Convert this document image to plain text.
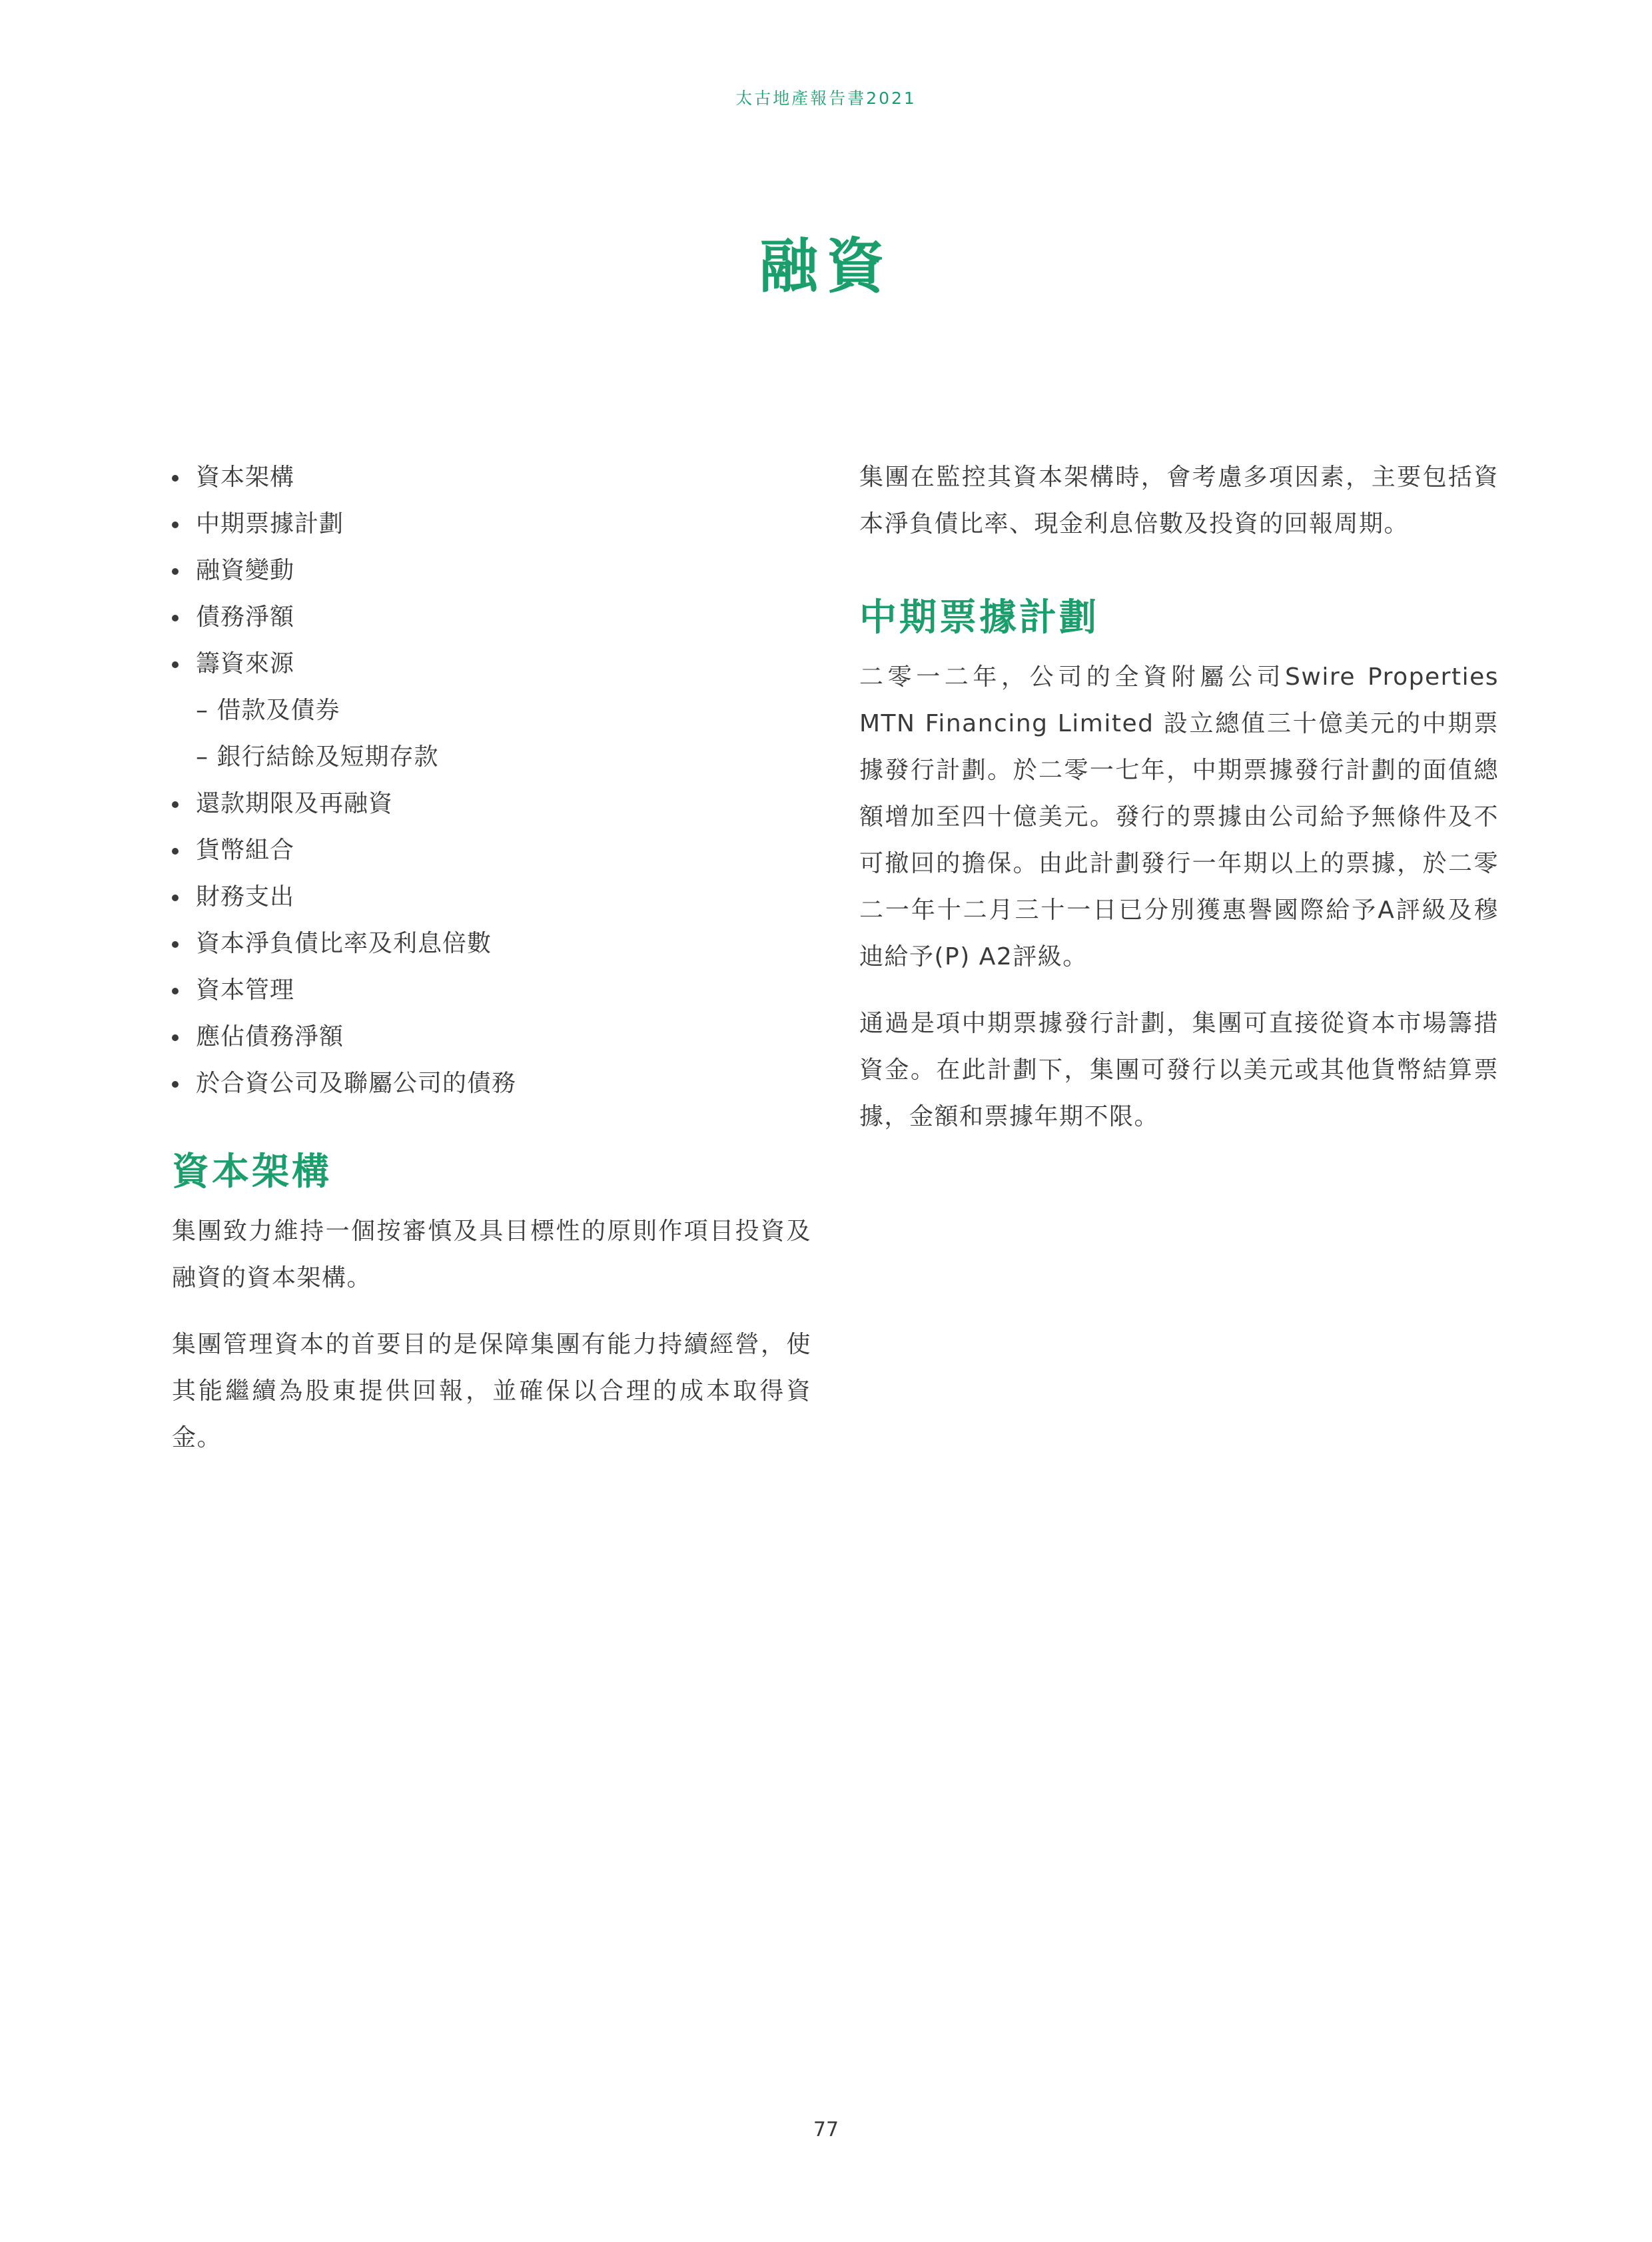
太古地產報告書2021
融資
資本架構
中期票據計劃
融資變動
債務淨額
籌資來源
– 借款及債券
– 銀行結餘及短期存款
還款期限及再融資
貨幣組合
財務支出
資本淨負債比率及利息倍數
資本管理
應佔債務淨額
於合資公司及聯屬公司的債務
資本架構

集團致力維持一個按審慎及具目標性的原則作項目投資及融資的資本架構。

集團管理資本的首要目的是保障集團有能力持續經營，使其能繼續為股東提供回報，並確保以合理的成本取得資金。

集團在監控其資本架構時，會考慮多項因素，主要包括資本淨負債比率、現金利息倍數及投資的回報周期。

中期票據計劃

二零一二年，公司的全資附屬公司Swire Properties MTN Financing Limited 設立總值三十億美元的中期票據發行計劃。於二零一七年，中期票據發行計劃的面值總額增加至四十億美元。發行的票據由公司給予無條件及不可撤回的擔保。由此計劃發行一年期以上的票據，於二零二一年十二月三十一日已分別獲惠譽國際給予A評級及穆迪給予(P) A2評級。

通過是項中期票據發行計劃，集團可直接從資本市場籌措資金。在此計劃下，集團可發行以美元或其他貨幣結算票據，金額和票據年期不限。

77
